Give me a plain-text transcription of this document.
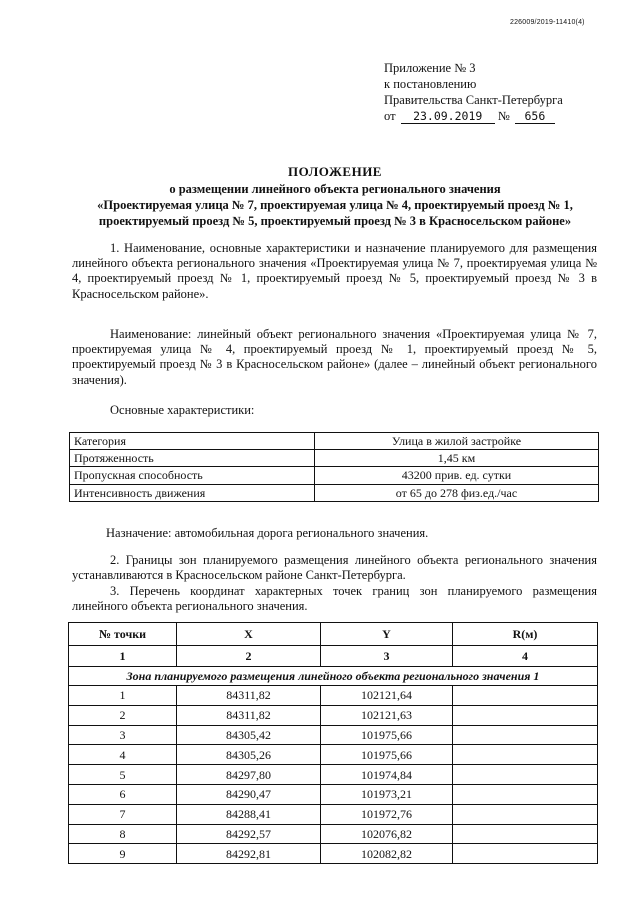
226009/2019-11410(4)
Приложение № 3
к постановлению
Правительства Санкт-Петербурга
от 23.09.2019 № 656
ПОЛОЖЕНИЕ
о размещении линейного объекта регионального значения
«Проектируемая улица № 7, проектируемая улица № 4, проектируемый проезд № 1,
проектируемый проезд № 5, проектируемый проезд № 3 в Красносельском районе»
1. Наименование, основные характеристики и назначение планируемого для размещения линейного объекта регионального значения «Проектируемая улица № 7, проектируемая улица № 4, проектируемый проезд № 1, проектируемый проезд № 5, проектируемый проезд № 3 в Красносельском районе».
Наименование: линейный объект регионального значения «Проектируемая улица № 7, проектируемая улица № 4, проектируемый проезд № 1, проектируемый проезд № 5, проектируемый проезд № 3 в Красносельском районе» (далее – линейный объект регионального значения).
Основные характеристики:
Категория	Улица в жилой застройке
Протяженность	1,45 км
Пропускная способность	43200 прив. ед. сутки
Интенсивность движения	от 65 до 278 физ.ед./час
Назначение: автомобильная дорога регионального значения.
2. Границы зон планируемого размещения линейного объекта регионального значения устанавливаются в Красносельском районе Санкт-Петербурга.
3. Перечень координат характерных точек границ зон планируемого размещения линейного объекта регионального значения.
№ точки	X	Y	R(м)
1	2	3	4
Зона планируемого размещения линейного объекта регионального значения 1			
1	84311,82	102121,64	
2	84311,82	102121,63	
3	84305,42	101975,66	
4	84305,26	101975,66	
5	84297,80	101974,84	
6	84290,47	101973,21	
7	84288,41	101972,76	
8	84292,57	102076,82	
9	84292,81	102082,82	
